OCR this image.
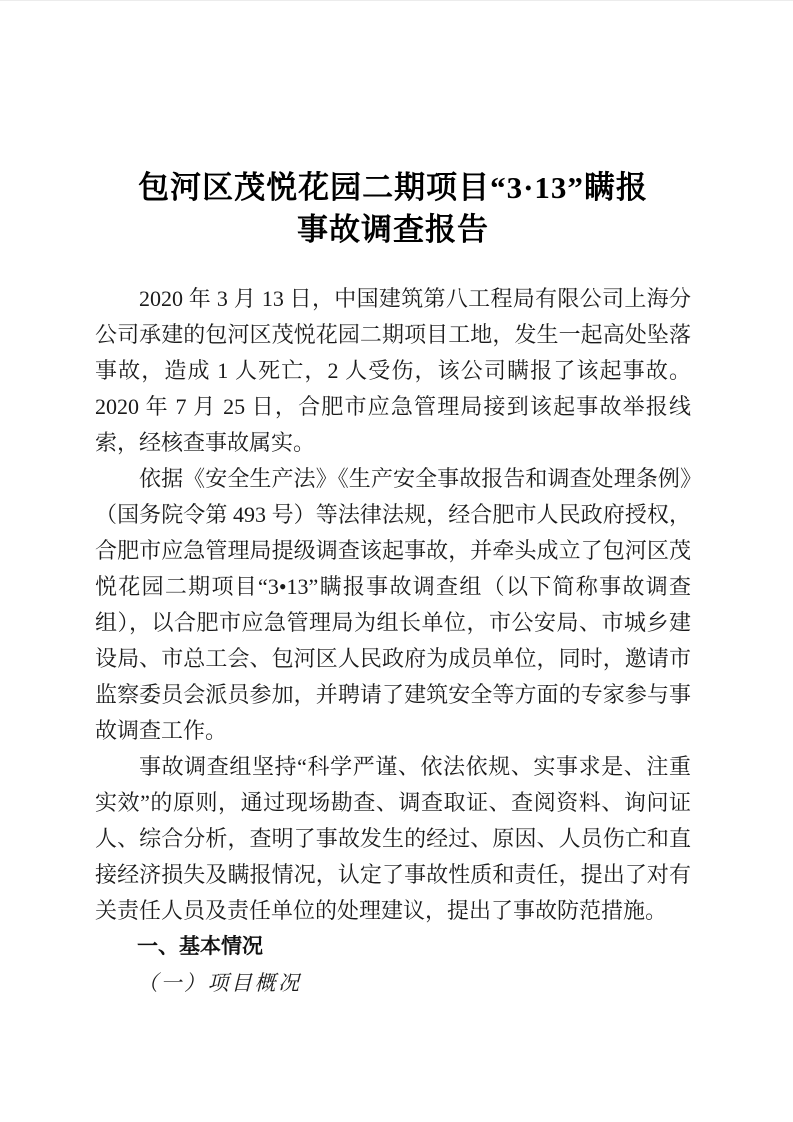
包河区茂悦花园二期项目“3·13”瞒报
事故调查报告

2020 年 3 月 13 日，中国建筑第八工程局有限公司上海分公司承建的包河区茂悦花园二期项目工地，发生一起高处坠落事故，造成 1 人死亡，2 人受伤，该公司瞒报了该起事故。2020 年 7 月 25 日，合肥市应急管理局接到该起事故举报线索，经核查事故属实。

依据《安全生产法》《生产安全事故报告和调查处理条例》（国务院令第 493 号）等法律法规，经合肥市人民政府授权，合肥市应急管理局提级调查该起事故，并牵头成立了包河区茂悦花园二期项目“3•13”瞒报事故调查组（以下简称事故调查组），以合肥市应急管理局为组长单位，市公安局、市城乡建设局、市总工会、包河区人民政府为成员单位，同时，邀请市监察委员会派员参加，并聘请了建筑安全等方面的专家参与事故调查工作。

事故调查组坚持“科学严谨、依法依规、实事求是、注重实效”的原则，通过现场勘查、调查取证、查阅资料、询问证人、综合分析，查明了事故发生的经过、原因、人员伤亡和直接经济损失及瞒报情况，认定了事故性质和责任，提出了对有关责任人员及责任单位的处理建议，提出了事故防范措施。

一、基本情况
（一）项目概况
